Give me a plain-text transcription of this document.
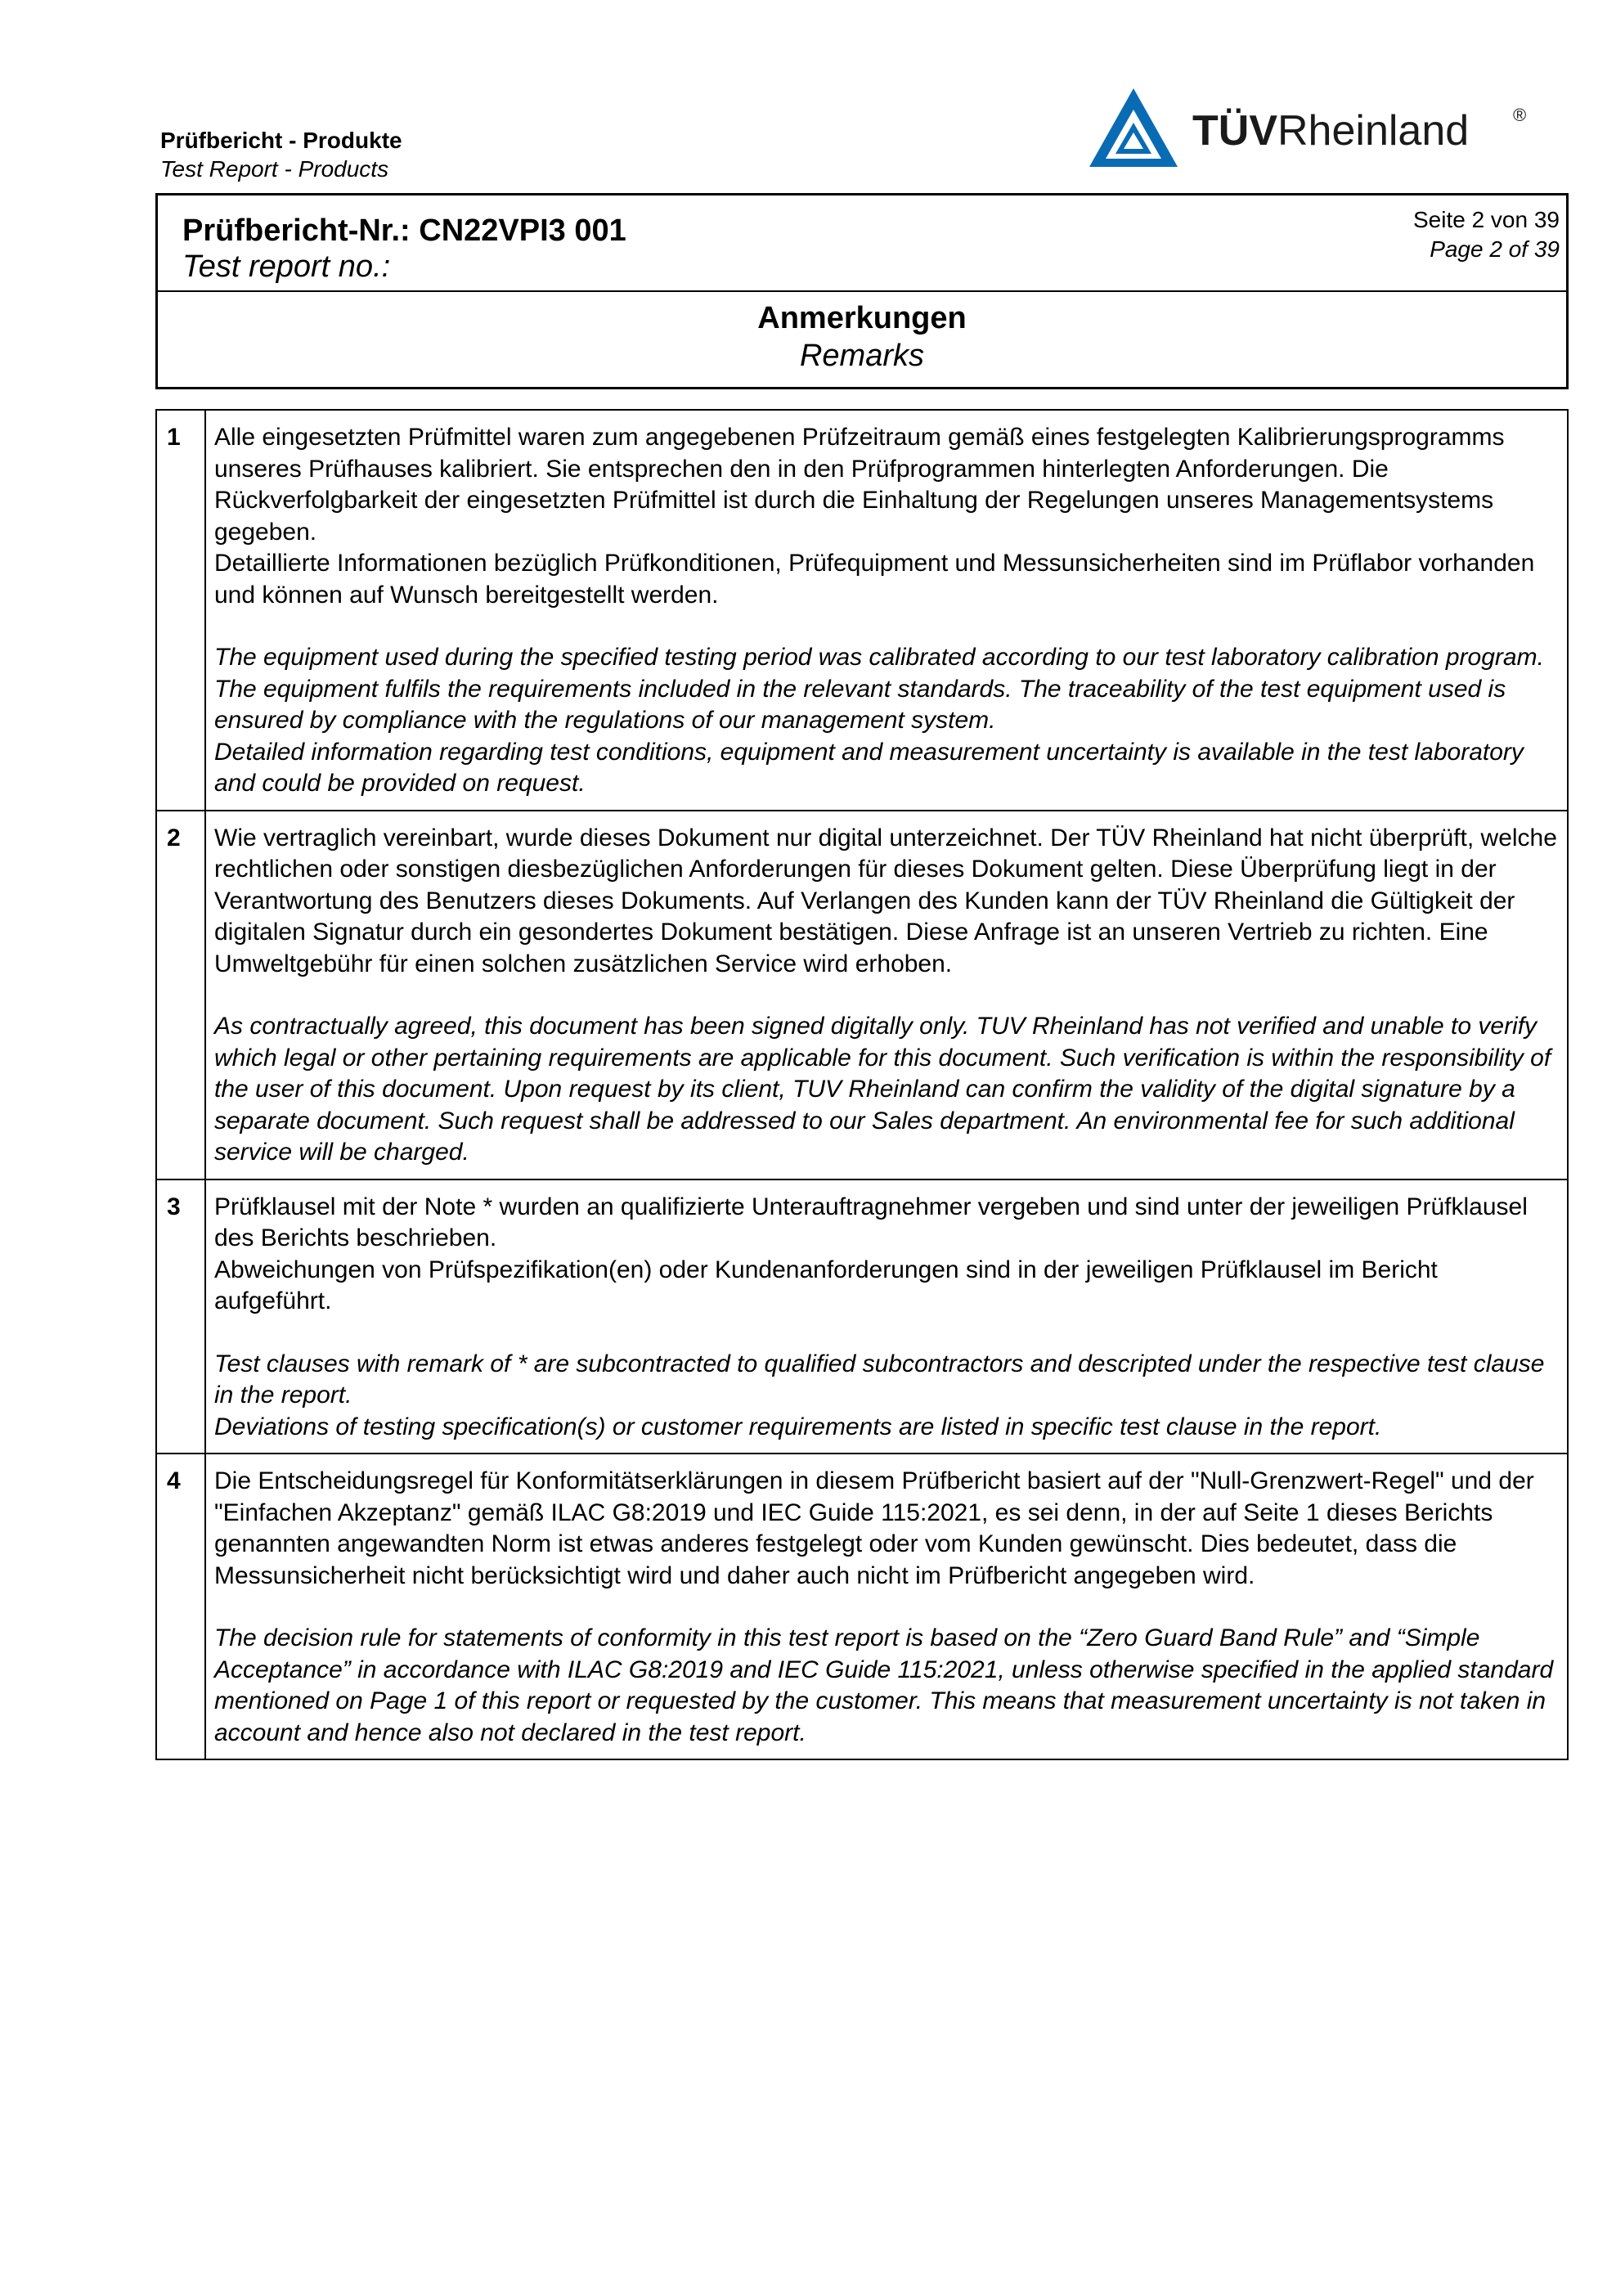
Prüfbericht - Produkte
Test Report - Products
TÜVRheinland ®
Prüfbericht-Nr.: CN22VPI3 001
Test report no.:
Seite 2 von 39
Page 2 of 39
Anmerkungen
Remarks
1	Alle eingesetzten Prüfmittel waren zum angegebenen Prüfzeitraum gemäß eines festgelegten Kalibrierungsprogramms unseres Prüfhauses kalibriert. Sie entsprechen den in den Prüfprogrammen hinterlegten Anforderungen. Die Rückverfolgbarkeit der eingesetzten Prüfmittel ist durch die Einhaltung der Regelungen unseres Managementsystems gegeben.
Detaillierte Informationen bezüglich Prüfkonditionen, Prüfequipment und Messunsicherheiten sind im Prüflabor vorhanden und können auf Wunsch bereitgestellt werden.
The equipment used during the specified testing period was calibrated according to our test laboratory calibration program. The equipment fulfils the requirements included in the relevant standards. The traceability of the test equipment used is ensured by compliance with the regulations of our management system.
Detailed information regarding test conditions, equipment and measurement uncertainty is available in the test laboratory and could be provided on request.

2	Wie vertraglich vereinbart, wurde dieses Dokument nur digital unterzeichnet. Der TÜV Rheinland hat nicht überprüft, welche rechtlichen oder sonstigen diesbezüglichen Anforderungen für dieses Dokument gelten. Diese Überprüfung liegt in der Verantwortung des Benutzers dieses Dokuments. Auf Verlangen des Kunden kann der TÜV Rheinland die Gültigkeit der digitalen Signatur durch ein gesondertes Dokument bestätigen. Diese Anfrage ist an unseren Vertrieb zu richten. Eine Umweltgebühr für einen solchen zusätzlichen Service wird erhoben.
As contractually agreed, this document has been signed digitally only. TUV Rheinland has not verified and unable to verify which legal or other pertaining requirements are applicable for this document. Such verification is within the responsibility of the user of this document. Upon request by its client, TUV Rheinland can confirm the validity of the digital signature by a separate document. Such request shall be addressed to our Sales department. An environmental fee for such additional service will be charged.

3	Prüfklausel mit der Note * wurden an qualifizierte Unterauftragnehmer vergeben und sind unter der jeweiligen Prüfklausel des Berichts beschrieben.
Abweichungen von Prüfspezifikation(en) oder Kundenanforderungen sind in der jeweiligen Prüfklausel im Bericht aufgeführt.
Test clauses with remark of * are subcontracted to qualified subcontractors and descripted under the respective test clause in the report.
Deviations of testing specification(s) or customer requirements are listed in specific test clause in the report.

4	Die Entscheidungsregel für Konformitätserklärungen in diesem Prüfbericht basiert auf der "Null-Grenzwert-Regel" und der "Einfachen Akzeptanz" gemäß ILAC G8:2019 und IEC Guide 115:2021, es sei denn, in der auf Seite 1 dieses Berichts genannten angewandten Norm ist etwas anderes festgelegt oder vom Kunden gewünscht. Dies bedeutet, dass die Messunsicherheit nicht berücksichtigt wird und daher auch nicht im Prüfbericht angegeben wird.
The decision rule for statements of conformity in this test report is based on the “Zero Guard Band Rule” and “Simple Acceptance” in accordance with ILAC G8:2019 and IEC Guide 115:2021, unless otherwise specified in the applied standard mentioned on Page 1 of this report or requested by the customer. This means that measurement uncertainty is not taken in account and hence also not declared in the test report.
